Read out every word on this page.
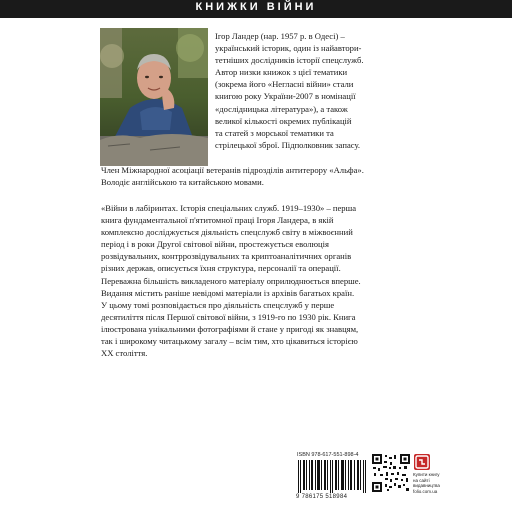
КНИЖКИ ВІЙНИ
Ігор Ландер (нар. 1957 р. в Одесі) –
український історик, один із найавтори-
тетніших дослідників історії спецслужб.
Автор низки книжок з цієї тематики
(зокрема його «Негласні війни» стали
книгою року України-2007 в номінації
«дослідницька література»), а також
великої кількості окремих публікацій
та статей з морської тематики та
стрілецької зброї. Підполковник запасу.
Член Міжнародної асоціації ветеранів підрозділів антитерору «Альфа».
Володіє англійською та китайською мовами.
«Війни в лабіринтах. Історія спеціальних служб. 1919–1930» – перша
книга фундаментальної п'ятитомної праці Ігоря Ландера, в якій
комплексно досліджується діяльність спецслужб світу в міжвоєнний
період і в роки Другої світової війни, простежується еволюція
розвідувальних, контррозвідувальних та криптоаналітичних органів
різних держав, описується їхня структура, персоналії та операції.
Переважна більшість викладеного матеріалу оприлюднюється вперше.
Видання містить раніше невідомі матеріали із архівів багатьох країн.
У цьому томі розповідається про діяльність спецслужб у перше
десятиліття після Першої світової війни, з 1919-го по 1930 рік. Книга
ілюстрована унікальними фотографіями й стане у пригоді як знавцям,
так і широкому читацькому загалу – всім тим, хто цікавиться історією
XX століття.
ISBN 978-617-551-898-4
9 786175 518984
Купити книгу
на сайті
видавництва
folio.com.ua
